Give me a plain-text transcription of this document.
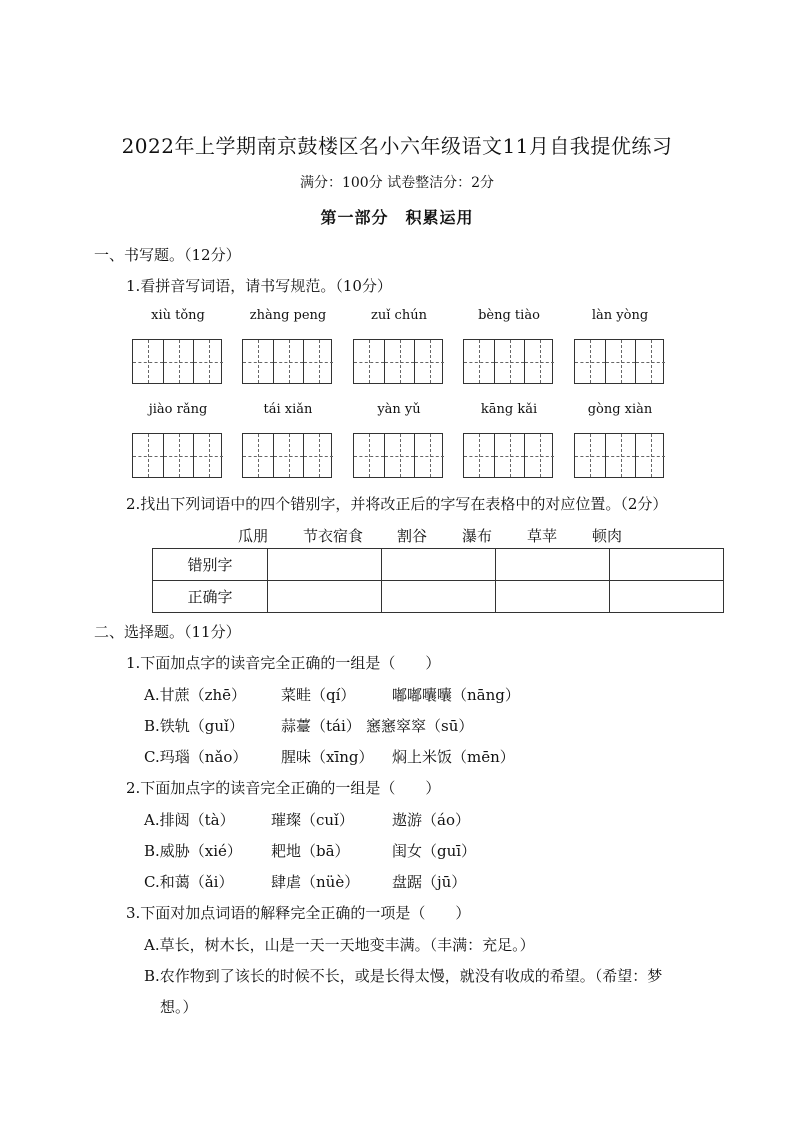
2022年上学期南京鼓楼区名小六年级语文11月自我提优练习
满分：100分 试卷整洁分：2分
第一部分　积累运用
一、书写题。（12分）
1.看拼音写词语，请书写规范。（10分）
xiù tǒng	zhàng peng	zuǐ chún	bèng tiào	làn yòng
jiào rǎng	tái xiǎn	yàn yǔ	kāng kǎi	gòng xiàn
2.找出下列词语中的四个错别字，并将改正后的字写在表格中的对应位置。（2分）
瓜朋 节衣宿食 割谷 瀑布 草苹 顿肉
错别字				
正确字				
二、选择题。（11分）
1.下面加点字的读音完全正确的一组是（　　）
A.甘蔗（zhē） 菜畦（qí） 嘟嘟囔囔（nāng）
B.铁轨（guǐ） 蒜薹（tái） 窸窸窣窣（sū）
C.玛瑙（nǎo） 腥味（xīng） 焖上米饭（mēn）
2.下面加点字的读音完全正确的一组是（　　）
A.排闼（tà） 璀璨（cuǐ）	遨游（áo）
B.威胁（xié） 耙地（bā）	闺女（guī）
C.和蔼（ǎi）	肆虐（nüè） 盘踞（jū）
3.下面对加点词语的解释完全正确的一项是（　　）
A.草长，树木长，山是一天一天地变丰满。（丰满：充足。）
B.农作物到了该长的时候不长，或是长得太慢，就没有收成的希望。（希望：梦
想。）
